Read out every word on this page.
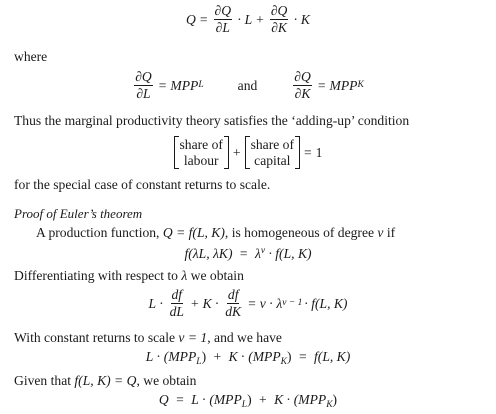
$Q = \frac{\partial Q}{\partial L} \cdot L + \frac{\partial Q}{\partial K} \cdot K$
where
$\frac{\partial Q}{\partial L}$ = MPP L	and	$\frac{\partial Q}{\partial K}$ = MPP K
Thus the marginal productivity theory satisfies the ‘adding-up’ condition
share of
labour
+
share of
capital
= 1
for the special case of constant returns to scale.
Proof of Euler’s theorem
A production function, Q = f(L, K), is homogeneous of degree v if
f(λL, $\lambda K) = \lambda^v \cdot f(L$, K)
Differentiating with respect to λ we obtain
$L \cdot \frac{df}{dL} + K \cdot \frac{df}{dK} = v \cdot \lambda$ v − 1 · f(L, K)
With constant returns to scale v = 1, and we have
$L \cdot (MPP_L) + K \cdot (MPP_K) = f(L$, K)
Given that f(L, K) = Q, we obtain
$Q = L \cdot (MPP_L) + K \cdot (MPP_K)$
